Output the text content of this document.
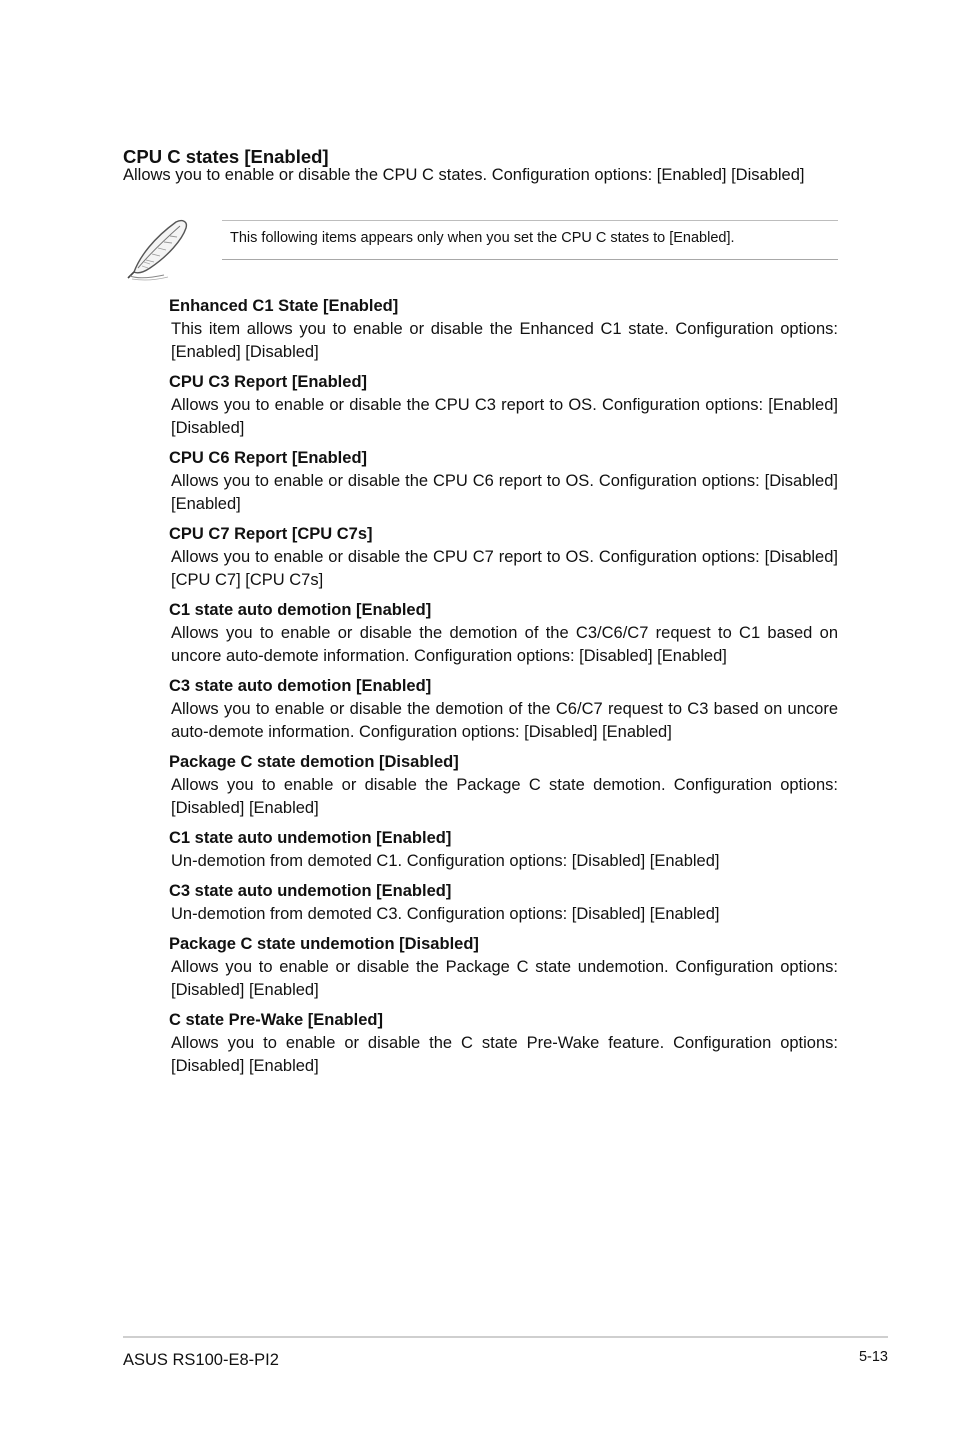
CPU C states [Enabled]

Allows you to enable or disable the CPU C states. Configuration options: [Enabled] [Disabled]

This following items appears only when you set the CPU C states to [Enabled].

Enhanced C1 State [Enabled]

This item allows you to enable or disable the Enhanced C1 state. Configuration options: [Enabled] [Disabled]

CPU C3 Report [Enabled]

Allows you to enable or disable the CPU C3 report to OS. Configuration options: [Enabled] [Disabled]

CPU C6 Report [Enabled]

Allows you to enable or disable the CPU C6 report to OS. Configuration options: [Disabled] [Enabled]

CPU C7 Report [CPU C7s]

Allows you to enable or disable the CPU C7 report to OS. Configuration options: [Disabled] [CPU C7] [CPU C7s]

C1 state auto demotion [Enabled]

Allows you to enable or disable the demotion of the C3/C6/C7 request to C1 based on uncore auto-demote information. Configuration options: [Disabled] [Enabled]

C3 state auto demotion [Enabled]

Allows you to enable or disable the demotion of the C6/C7 request to C3 based on uncore auto-demote information. Configuration options: [Disabled] [Enabled]

Package C state demotion [Disabled]

Allows you to enable or disable the Package C state demotion. Configuration options: [Disabled] [Enabled]

C1 state auto undemotion [Enabled]

Un-demotion from demoted C1. Configuration options: [Disabled] [Enabled]

C3 state auto undemotion [Enabled]

Un-demotion from demoted C3. Configuration options: [Disabled] [Enabled]

Package C state undemotion [Disabled]

Allows you to enable or disable the Package C state undemotion. Configuration options: [Disabled] [Enabled]

C state Pre-Wake [Enabled]

Allows you to enable or disable the C state Pre-Wake feature. Configuration options: [Disabled] [Enabled]

ASUS RS100-E8-PI2	5-13
